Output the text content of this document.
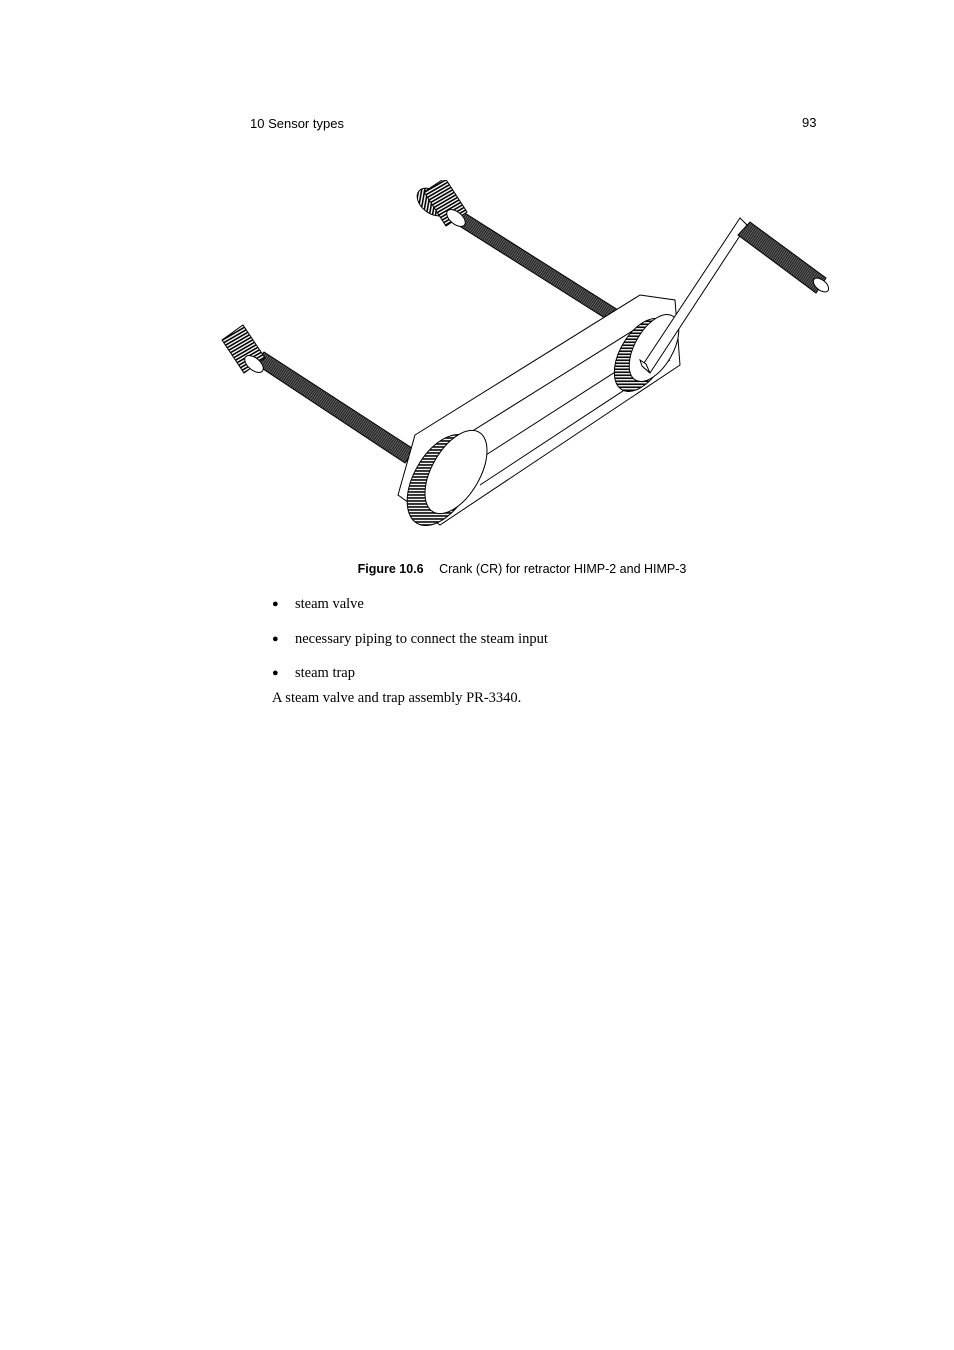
10 Sensor types	93
Figure 10.6 Crank (CR) for retractor HIMP-2 and HIMP-3
● steam valve
● necessary piping to connect the steam input
● steam trap
A steam valve and trap assembly PR-3340.
